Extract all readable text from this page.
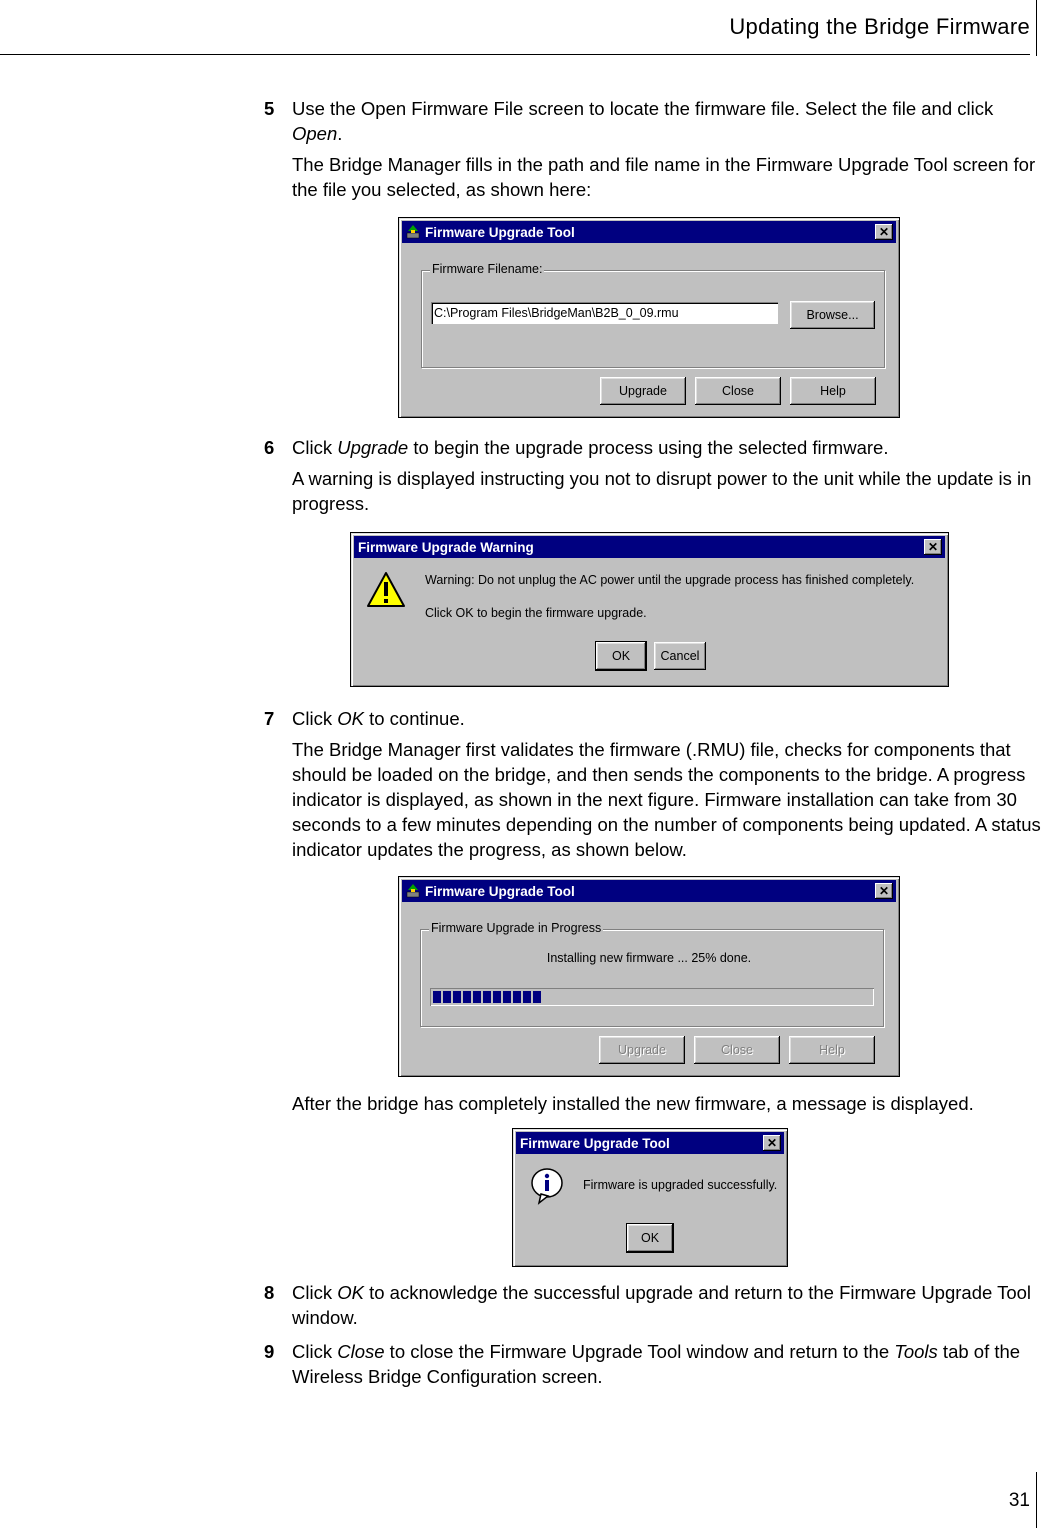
Updating the Bridge Firmware
5 Use the Open Firmware File screen to locate the firmware file. Select the file and click Open.
The Bridge Manager fills in the path and file name in the Firmware Upgrade Tool screen for the file you selected, as shown here:
Firmware Upgrade Tool	✕
Firmware Filename:
C:\Program Files\BridgeMan\B2B_0_09.rmu	Browse...
Upgrade	Close	Help
6 Click Upgrade to begin the upgrade process using the selected firmware.
A warning is displayed instructing you not to disrupt power to the unit while the update is in progress.
Firmware Upgrade Warning	✕
Warning: Do not unplug the AC power until the upgrade process has finished completely.
Click OK to begin the firmware upgrade.
OK	Cancel
7 Click OK to continue.
The Bridge Manager first validates the firmware (.RMU) file, checks for components that should be loaded on the bridge, and then sends the components to the bridge. A progress indicator is displayed, as shown in the next figure. Firmware installation can take from 30 seconds to a few minutes depending on the number of components being updated. A status indicator updates the progress, as shown below.
Firmware Upgrade Tool	✕
Firmware Upgrade in Progress
Installing new firmware ... 25% done.
Upgrade	Close	Help
After the bridge has completely installed the new firmware, a message is displayed.
Firmware Upgrade Tool	✕
Firmware is upgraded successfully.
OK
8 Click OK to acknowledge the successful upgrade and return to the Firmware Upgrade Tool window.
9 Click Close to close the Firmware Upgrade Tool window and return to the Tools tab of the Wireless Bridge Configuration screen.
31
